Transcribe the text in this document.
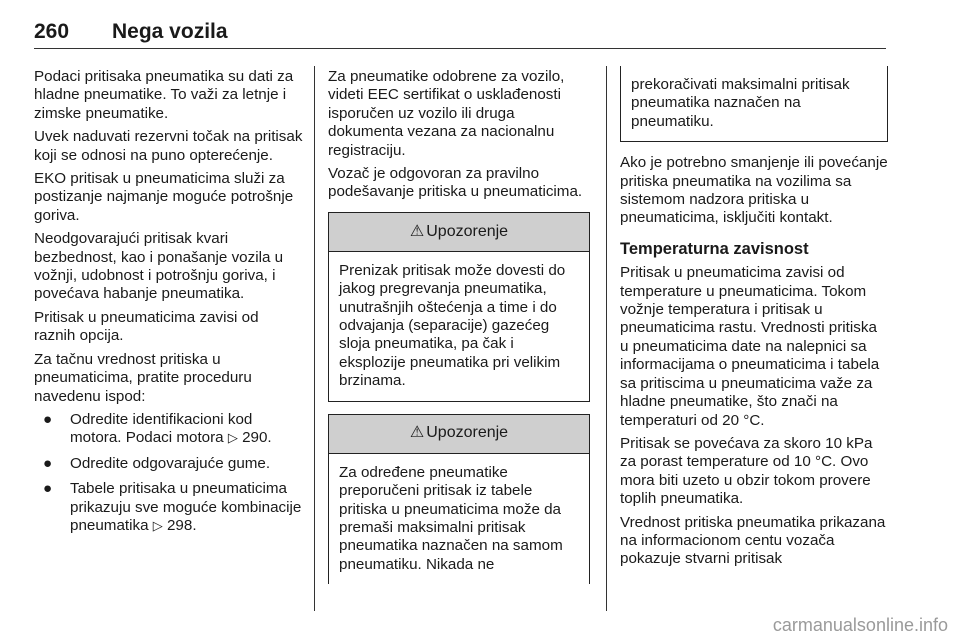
260 Nega vozila

Podaci pritisaka pneumatika su dati za hladne pneumatike. To važi za letnje i zimske pneumatike.

Uvek naduvati rezervni točak na pritisak koji se odnosi na puno opterećenje.

EKO pritisak u pneumaticima služi za postizanje najmanje moguće potrošnje goriva.

Neodgovarajući pritisak kvari bezbednost, kao i ponašanje vozila u vožnji, udobnost i potrošnju goriva, i povećava habanje pneumatika.

Pritisak u pneumaticima zavisi od raznih opcija.

Za tačnu vrednost pritiska u pneumaticima, pratite proceduru navedenu ispod:

● Odredite identifikacioni kod motora. Podaci motora ▷ 290.
● Odredite odgovarajuće gume.
● Tabele pritisaka u pneumaticima prikazuju sve moguće kombinacije pneumatika ▷ 298.

Za pneumatike odobrene za vozilo, videti EEC sertifikat o usklađenosti isporučen uz vozilo ili druga dokumenta vezana za nacionalnu registraciju.

Vozač je odgovoran za pravilno podešavanje pritiska u pneumaticima.

⚠ Upozorenje
Prenizak pritisak može dovesti do jakog pregrevanja pneumatika, unutrašnjih oštećenja a time i do odvajanja (separacije) gazećeg sloja pneumatika, pa čak i eksplozije pneumatika pri velikim brzinama.
⚠ Upozorenje
Za određene pneumatike preporučeni pritisak iz tabele pritiska u pneumaticima može da premaši maksimalni pritisak pneumatika naznačen na samom pneumatiku. Nikada ne
prekoračivati maksimalni pritisak pneumatika naznačen na pneumatiku.

Ako je potrebno smanjenje ili povećanje pritiska pneumatika na vozilima sa sistemom nadzora pritiska u pneumaticima, isključiti kontakt.

Temperaturna zavisnost

Pritisak u pneumaticima zavisi od temperature u pneumaticima. Tokom vožnje temperatura i pritisak u pneumaticima rastu. Vrednosti pritiska u pneumaticima date na nalepnici sa informacijama o pneumaticima i tabela sa pritiscima u pneumaticima važe za hladne pneumatike, što znači na temperaturi od 20 °C.

Pritisak se povećava za skoro 10 kPa za porast temperature od 10 °C. Ovo mora biti uzeto u obzir tokom provere toplih pneumatika.

Vrednost pritiska pneumatika prikazana na informacionom centu vozača pokazuje stvarni pritisak

carmanualsonline.info
